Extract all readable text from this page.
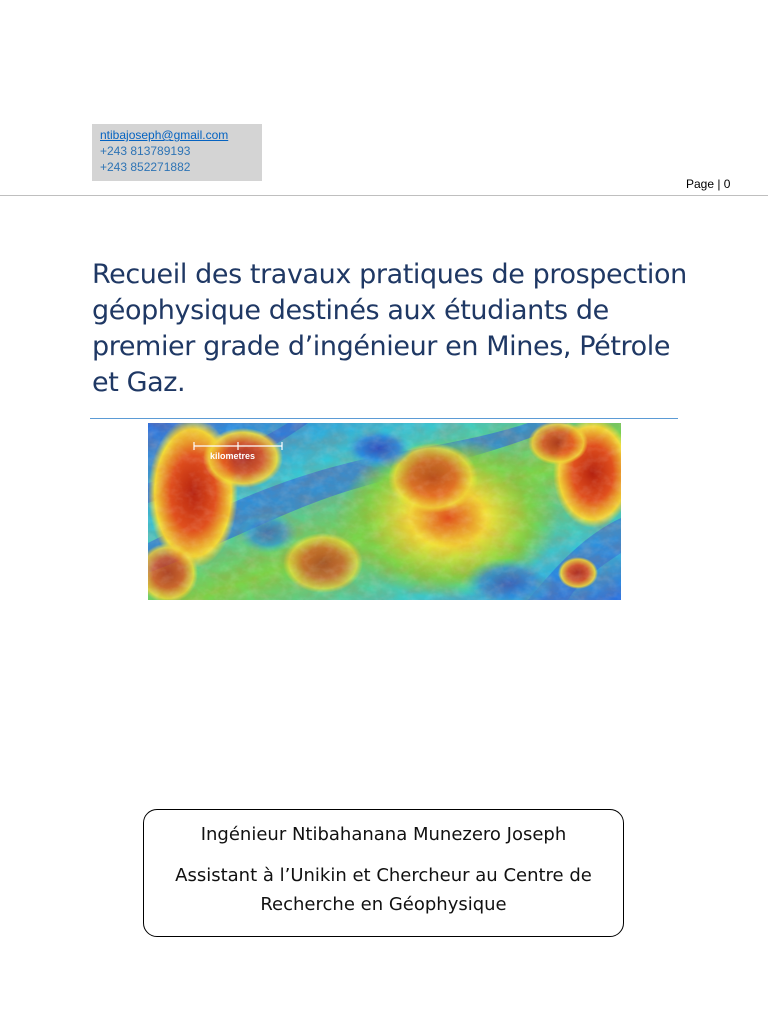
ntibajoseph@gmail.com
+243 813789193
+243 852271882
Page | 0
Recueil des travaux pratiques de prospection géophysique destinés aux étudiants de premier grade d’ingénieur en Mines, Pétrole et Gaz.
kilometres
Ingénieur Ntibahanana Munezero Joseph
Assistant à l’Unikin et Chercheur au Centre de Recherche en Géophysique
